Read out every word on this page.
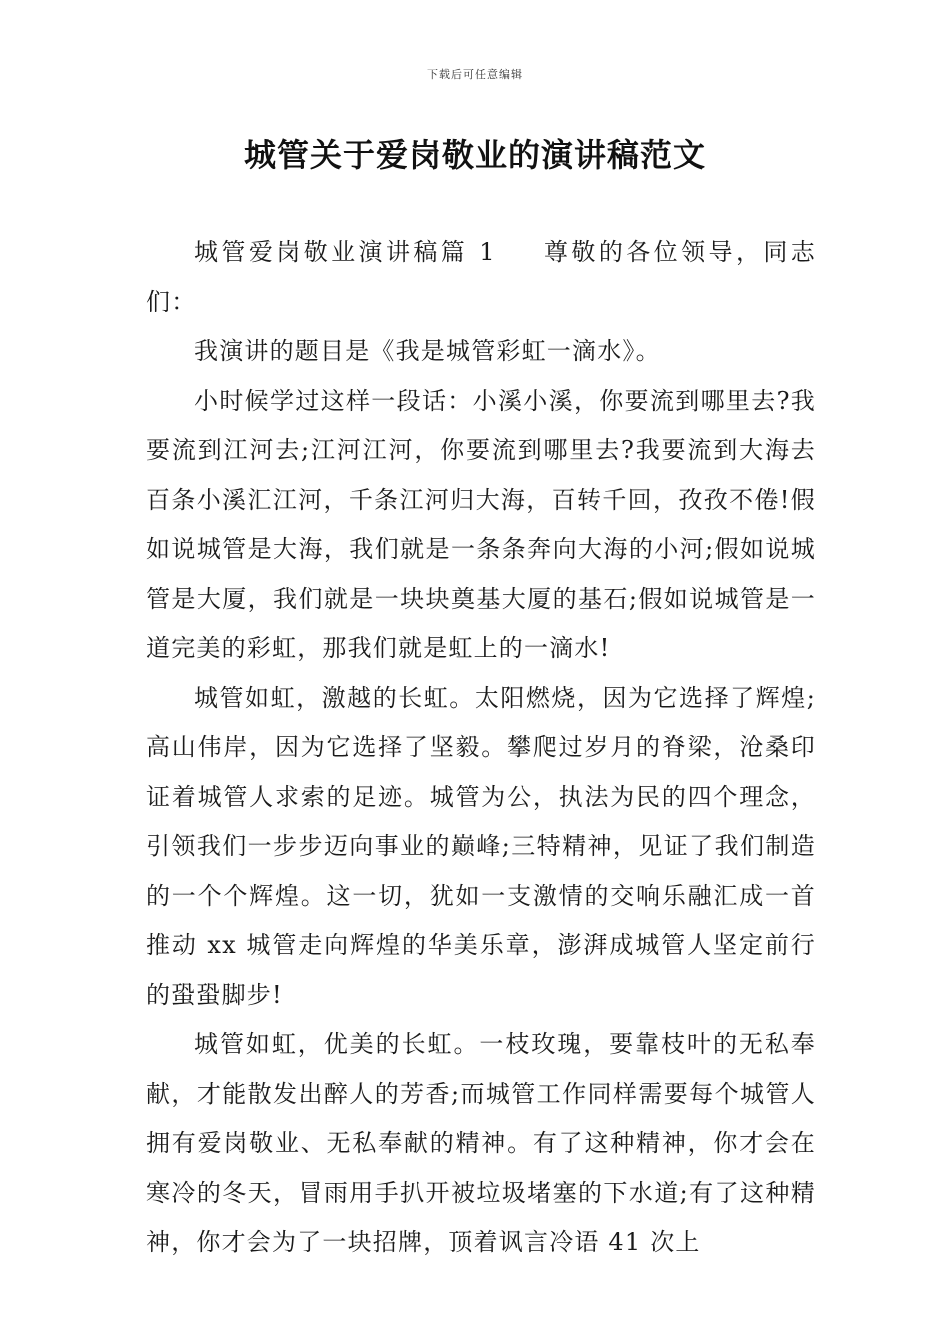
下载后可任意编辑
城管关于爱岗敬业的演讲稿范文

城管爱岗敬业演讲稿篇 1 尊敬的各位领导，同志们：

我演讲的题目是《我是城管彩虹一滴水》。

小时候学过这样一段话：小溪小溪，你要流到哪里去?我要流到江河去;江河江河，你要流到哪里去?我要流到大海去百条小溪汇江河，千条江河归大海，百转千回，孜孜不倦!假如说城管是大海，我们就是一条条奔向大海的小河;假如说城管是大厦，我们就是一块块奠基大厦的基石;假如说城管是一道完美的彩虹，那我们就是虹上的一滴水!

城管如虹，激越的长虹。太阳燃烧，因为它选择了辉煌;高山伟岸，因为它选择了坚毅。攀爬过岁月的脊梁，沧桑印证着城管人求索的足迹。城管为公，执法为民的四个理念，引领我们一步步迈向事业的巅峰;三特精神，见证了我们制造的一个个辉煌。这一切，犹如一支激情的交响乐融汇成一首推动 xx 城管走向辉煌的华美乐章，澎湃成城管人坚定前行的蛩蛩脚步!

城管如虹，优美的长虹。一枝玫瑰，要靠枝叶的无私奉献，才能散发出醉人的芳香;而城管工作同样需要每个城管人拥有爱岗敬业、无私奉献的精神。有了这种精神，你才会在寒冷的冬天，冒雨用手扒开被垃圾堵塞的下水道;有了这种精神，你才会为了一块招牌，顶着讽言冷语 41 次上
